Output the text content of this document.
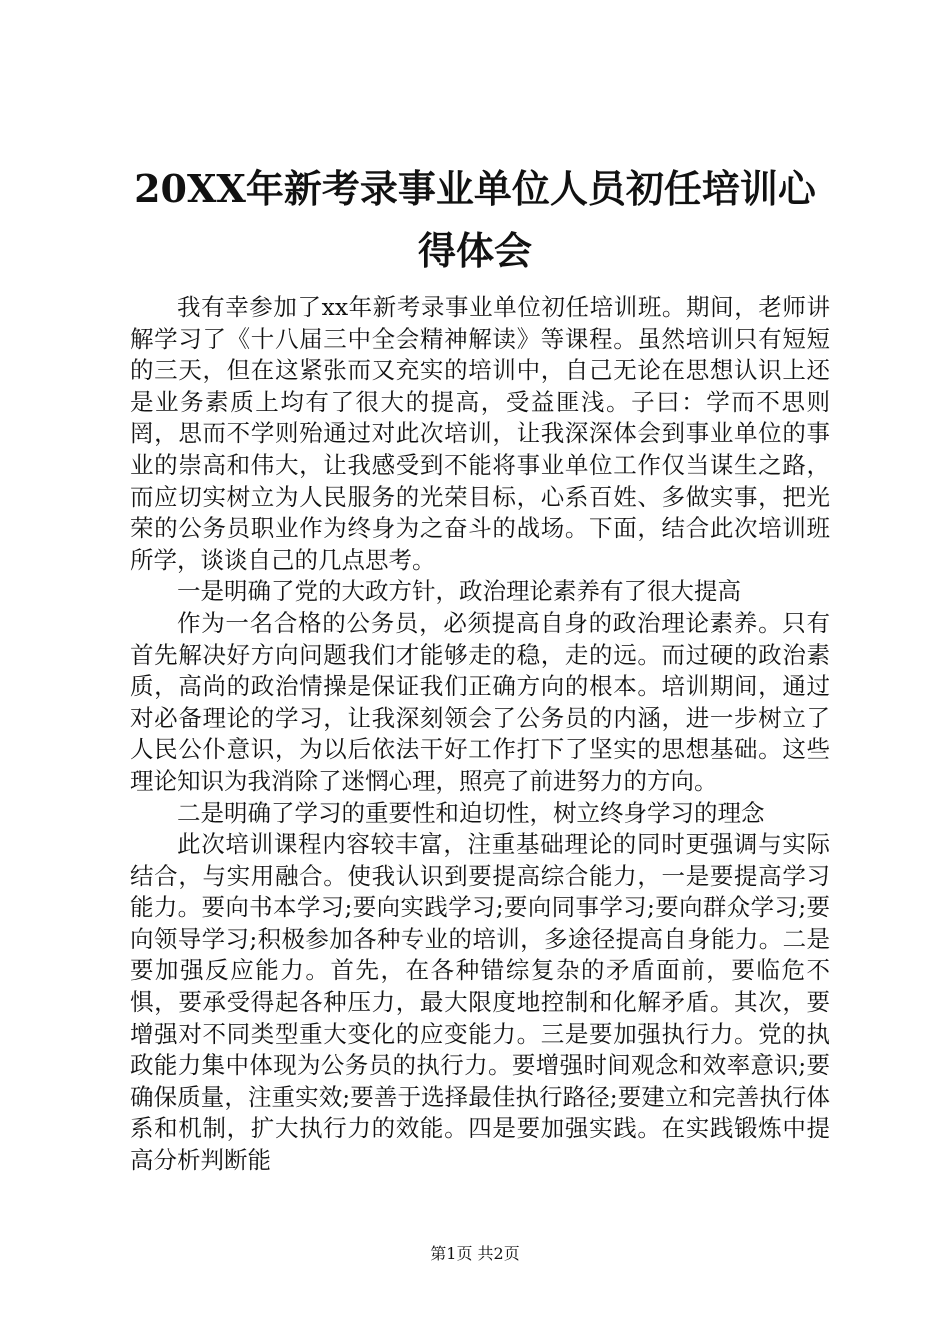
20XX年新考录事业单位人员初任培训心得体会

我有幸参加了xx年新考录事业单位初任培训班。期间，老师讲解学习了《十八届三中全会精神解读》等课程。虽然培训只有短短的三天，但在这紧张而又充实的培训中，自己无论在思想认识上还是业务素质上均有了很大的提高，受益匪浅。子曰：学而不思则罔，思而不学则殆通过对此次培训，让我深深体会到事业单位的事业的崇高和伟大，让我感受到不能将事业单位工作仅当谋生之路，而应切实树立为人民服务的光荣目标，心系百姓、多做实事，把光荣的公务员职业作为终身为之奋斗的战场。下面，结合此次培训班所学，谈谈自己的几点思考。

一是明确了党的大政方针，政治理论素养有了很大提高

作为一名合格的公务员，必须提高自身的政治理论素养。只有首先解决好方向问题我们才能够走的稳，走的远。而过硬的政治素质，高尚的政治情操是保证我们正确方向的根本。培训期间，通过对必备理论的学习，让我深刻领会了公务员的内涵，进一步树立了人民公仆意识，为以后依法干好工作打下了坚实的思想基础。这些理论知识为我消除了迷惘心理，照亮了前进努力的方向。

二是明确了学习的重要性和迫切性，树立终身学习的理念

此次培训课程内容较丰富，注重基础理论的同时更强调与实际结合，与实用融合。使我认识到要提高综合能力，一是要提高学习能力。要向书本学习;要向实践学习;要向同事学习;要向群众学习;要向领导学习;积极参加各种专业的培训，多途径提高自身能力。二是要加强反应能力。首先，在各种错综复杂的矛盾面前，要临危不惧，要承受得起各种压力，最大限度地控制和化解矛盾。其次，要增强对不同类型重大变化的应变能力。三是要加强执行力。党的执政能力集中体现为公务员的执行力。要增强时间观念和效率意识;要确保质量，注重实效;要善于选择最佳执行路径;要建立和完善执行体系和机制，扩大执行力的效能。四是要加强实践。在实践锻炼中提高分析判断能

第1页 共2页
